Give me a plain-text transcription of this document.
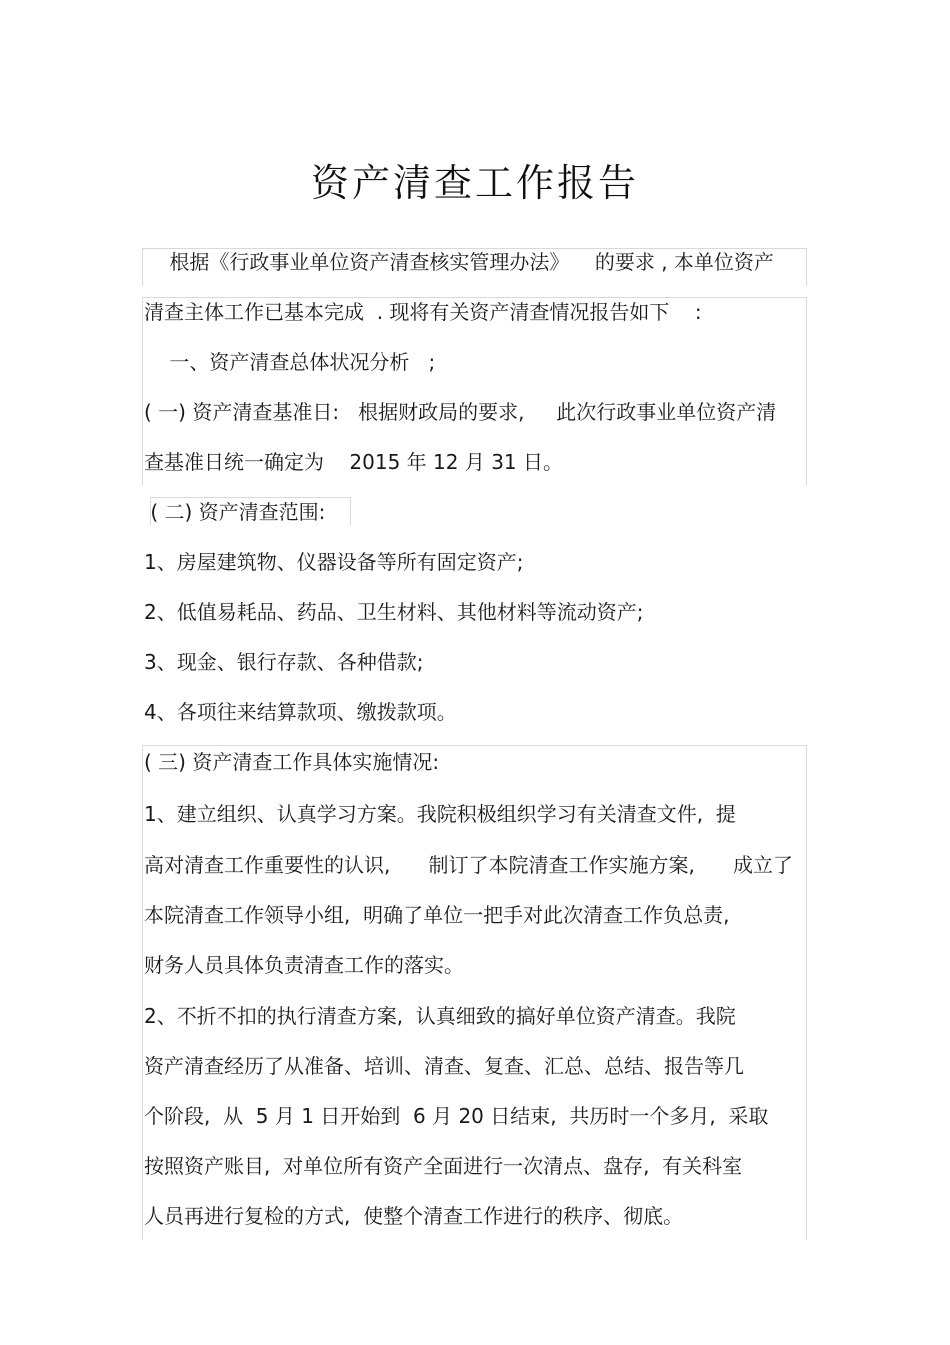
资产清查工作报告
根据《行政事业单位资产清查核实管理办法》    的要求 , 本单位资产
清查主体工作已基本完成  . 现将有关资产清查情况报告如下    :
一、资产清查总体状况分析   ;
( 一) 资产清查基准日:   根据财政局的要求,     此次行政事业单位资产清
查基准日统一确定为    2015 年 12 月 31 日。
( 二) 资产清查范围:
1、房屋建筑物、仪器设备等所有固定资产;
2、低值易耗品、药品、卫生材料、其他材料等流动资产;
3、现金、银行存款、各种借款;
4、各项往来结算款项、缴拨款项。
( 三) 资产清查工作具体实施情况:
1、建立组织、认真学习方案。我院积极组织学习有关清查文件,  提
高对清查工作重要性的认识,      制订了本院清查工作实施方案,      成立了
本院清查工作领导小组,  明确了单位一把手对此次清查工作负总责,
财务人员具体负责清查工作的落实。
2、不折不扣的执行清查方案,  认真细致的搞好单位资产清查。我院
资产清查经历了从准备、培训、清查、复查、汇总、总结、报告等几
个阶段,  从  5 月 1 日开始到  6 月 20 日结束,  共历时一个多月,  采取
按照资产账目,  对单位所有资产全面进行一次清点、盘存,  有关科室
人员再进行复检的方式,  使整个清查工作进行的秩序、彻底。
